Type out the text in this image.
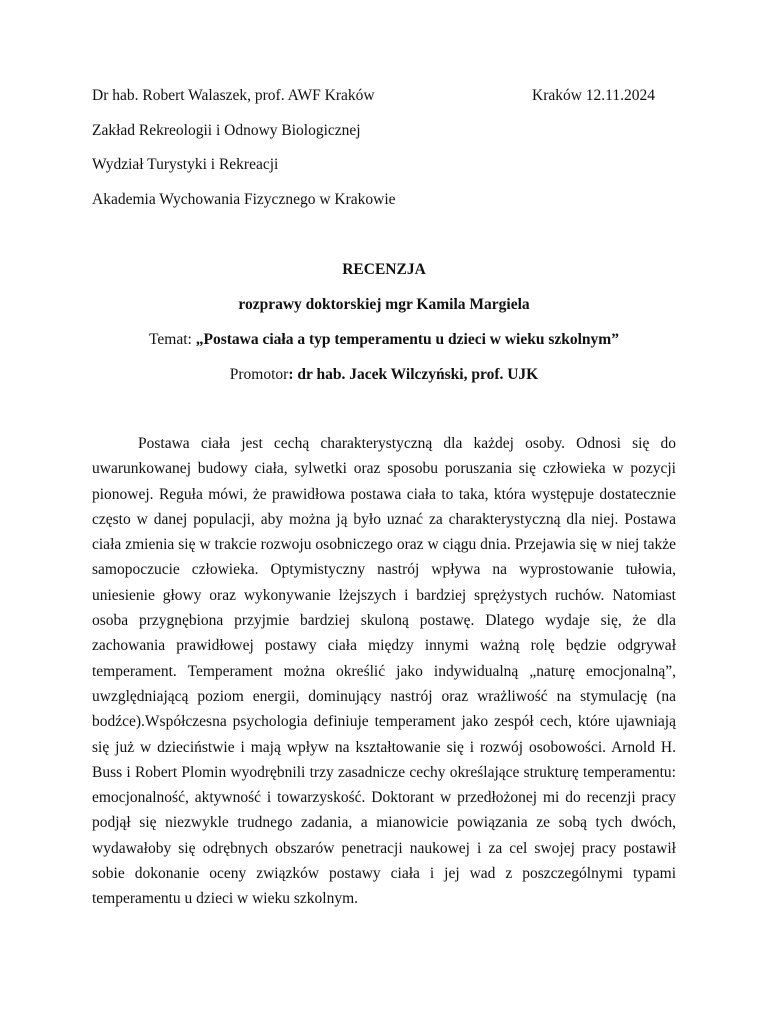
Dr hab. Robert Walaszek, prof. AWF Kraków	Kraków 12.11.2024
Zakład Rekreologii i Odnowy Biologicznej
Wydział Turystyki i Rekreacji
Akademia Wychowania Fizycznego w Krakowie
RECENZJA
rozprawy doktorskiej mgr Kamila Margiela
Temat: „Postawa ciała a typ temperamentu u dzieci w wieku szkolnym”
Promotor: dr hab. Jacek Wilczyński, prof. UJK

Postawa ciała jest cechą charakterystyczną dla każdej osoby. Odnosi się do uwarunkowanej budowy ciała, sylwetki oraz sposobu poruszania się człowieka w pozycji pionowej. Reguła mówi, że prawidłowa postawa ciała to taka, która występuje dostatecznie często w danej populacji, aby można ją było uznać za charakterystyczną dla niej. Postawa ciała zmienia się w trakcie rozwoju osobniczego oraz w ciągu dnia. Przejawia się w niej także samopoczucie człowieka. Optymistyczny nastrój wpływa na wyprostowanie tułowia, uniesienie głowy oraz wykonywanie lżejszych i bardziej sprężystych ruchów. Natomiast osoba przygnębiona przyjmie bardziej skuloną postawę. Dlatego wydaje się, że dla zachowania prawidłowej postawy ciała między innymi ważną rolę będzie odgrywał temperament. Temperament można określić jako indywidualną „naturę emocjonalną”, uwzględniającą poziom energii, dominujący nastrój oraz wrażliwość na stymulację (na bodźce).Współczesna psychologia definiuje temperament jako zespół cech, które ujawniają się już w dzieciństwie i mają wpływ na kształtowanie się i rozwój osobowości. Arnold H. Buss i Robert Plomin wyodrębnili trzy zasadnicze cechy określające strukturę temperamentu: emocjonalność, aktywność i towarzyskość. Doktorant w przedłożonej mi do recenzji pracy podjął się niezwykle trudnego zadania, a mianowicie powiązania ze sobą tych dwóch, wydawałoby się odrębnych obszarów penetracji naukowej i za cel swojej pracy postawił sobie dokonanie oceny związków postawy ciała i jej wad z poszczególnymi typami temperamentu u dzieci w wieku szkolnym.
